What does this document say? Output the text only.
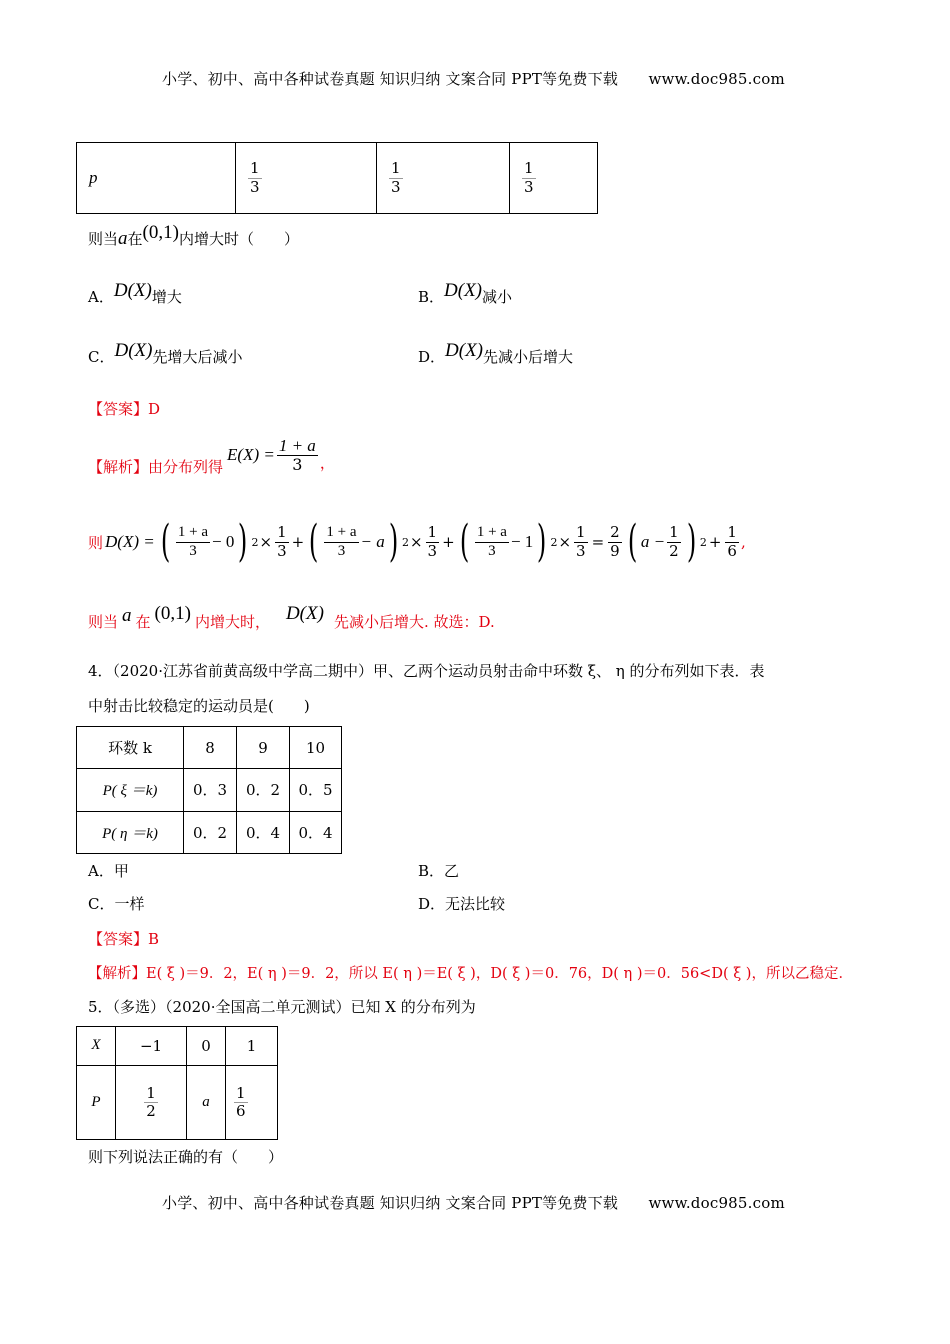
小学、初中、高中各种试卷真题 知识归纳 文案合同 PPT等免费下载　　www.doc985.com
p	$\frac{1}{3}$	$\frac{1}{3}$	$\frac{1}{3}$
则当a在(0,1)内增大时（　　）
A．D(X)增大	B．D(X)减小
C．D(X)先增大后减小	D．D(X)先减小后增大
【答案】D
【解析】由分布列得
$E(X) = \frac{1 + a}{3}$ ，
则 D(X) = ( 1 + a
3 − 0 ) $2 \times \frac{1}{3}$ + ( 1 + a
3 − a ) $2 \times \frac{1}{3}$ + ( 1 + a
3 − 1 ) $2 \times \frac{1}{3} = \frac{2}{9}$ ( $a - \frac{1}{2}$ ) $2 + \frac{1}{6}$ ,
则当 a 在 (0,1) 内增大时， D(X) 先减小后增大. 故选：D.
4．（2020·江苏省前黄高级中学高二期中）甲、乙两个运动员射击命中环数 ξ、 η 的分布列如下表．表
中射击比较稳定的运动员是(　　)
环数 k	8	9	10
P( ξ ＝k)	0．3	0．2	0．5
P( η ＝k)	0．2	0．4	0．4
A．甲	B．乙
C．一样	D．无法比较
【答案】B
【解析】E( ξ )＝9．2，E( η )＝9．2，所以 E( η )＝E( ξ )，D( ξ )＝0．76，D( η )＝0．56<D( ξ )，所以乙稳定．
5．（多选）（2020·全国高二单元测试）已知 X 的分布列为
X	−1	0	1
P	$\frac{1}{2}$	a	$\frac{1}{6}$
则下列说法正确的有（　　）
小学、初中、高中各种试卷真题 知识归纳 文案合同 PPT等免费下载　　www.doc985.com
